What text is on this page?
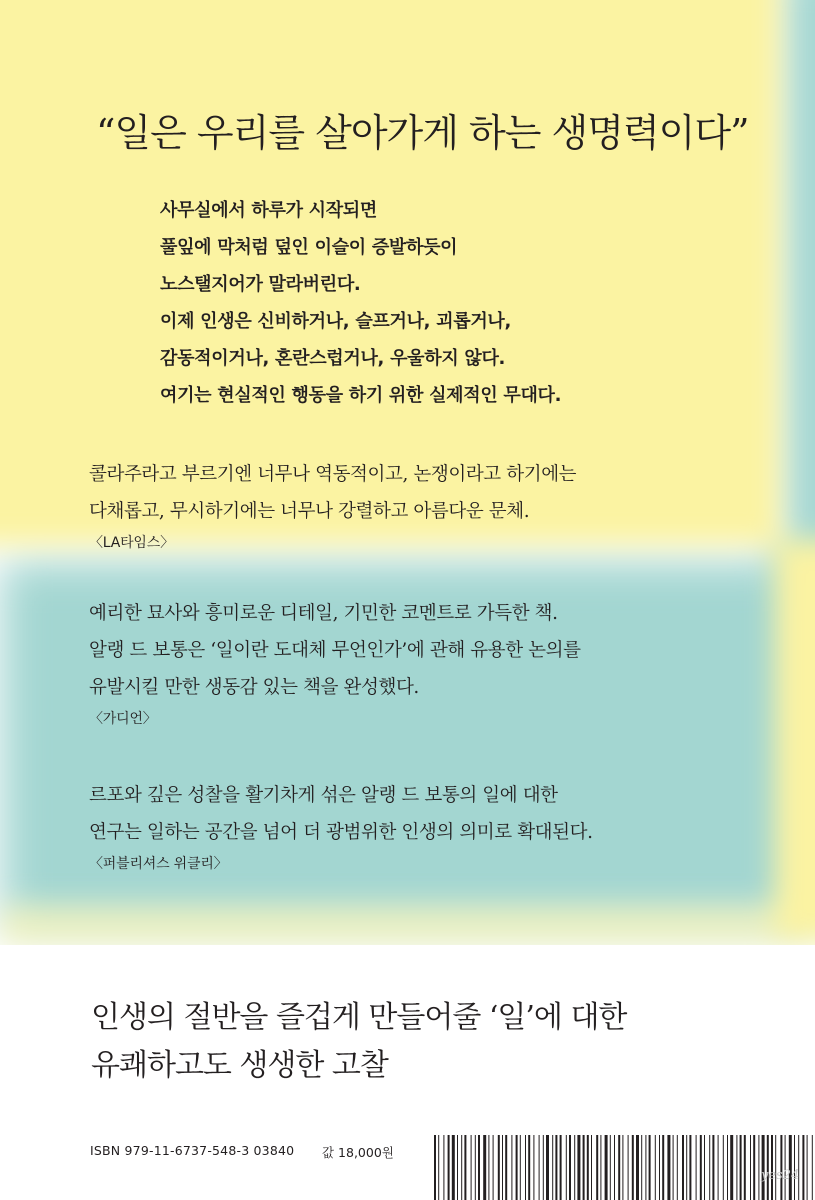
“일은 우리를 살아가게 하는 생명력이다”
사무실에서 하루가 시작되면
풀잎에 막처럼 덮인 이슬이 증발하듯이
노스탤지어가 말라버린다.
이제 인생은 신비하거나, 슬프거나, 괴롭거나,
감동적이거나, 혼란스럽거나, 우울하지 않다.
여기는 현실적인 행동을 하기 위한 실제적인 무대다.
콜라주라고 부르기엔 너무나 역동적이고, 논쟁이라고 하기에는
다채롭고, 무시하기에는 너무나 강렬하고 아름다운 문체.
〈LA타임스〉
예리한 묘사와 흥미로운 디테일, 기민한 코멘트로 가득한 책.
알랭 드 보통은 ‘일이란 도대체 무언인가’에 관해 유용한 논의를
유발시킬 만한 생동감 있는 책을 완성했다.
〈가디언〉
르포와 깊은 성찰을 활기차게 섞은 알랭 드 보통의 일에 대한
연구는 일하는 공간을 넘어 더 광범위한 인생의 의미로 확대된다.
〈퍼블리셔스 위클리〉
인생의 절반을 즐겁게 만들어줄 ‘일’에 대한
유쾌하고도 생생한 고찰
ISBN 979-11-6737-548-3 03840 값 18,000원
yes24
